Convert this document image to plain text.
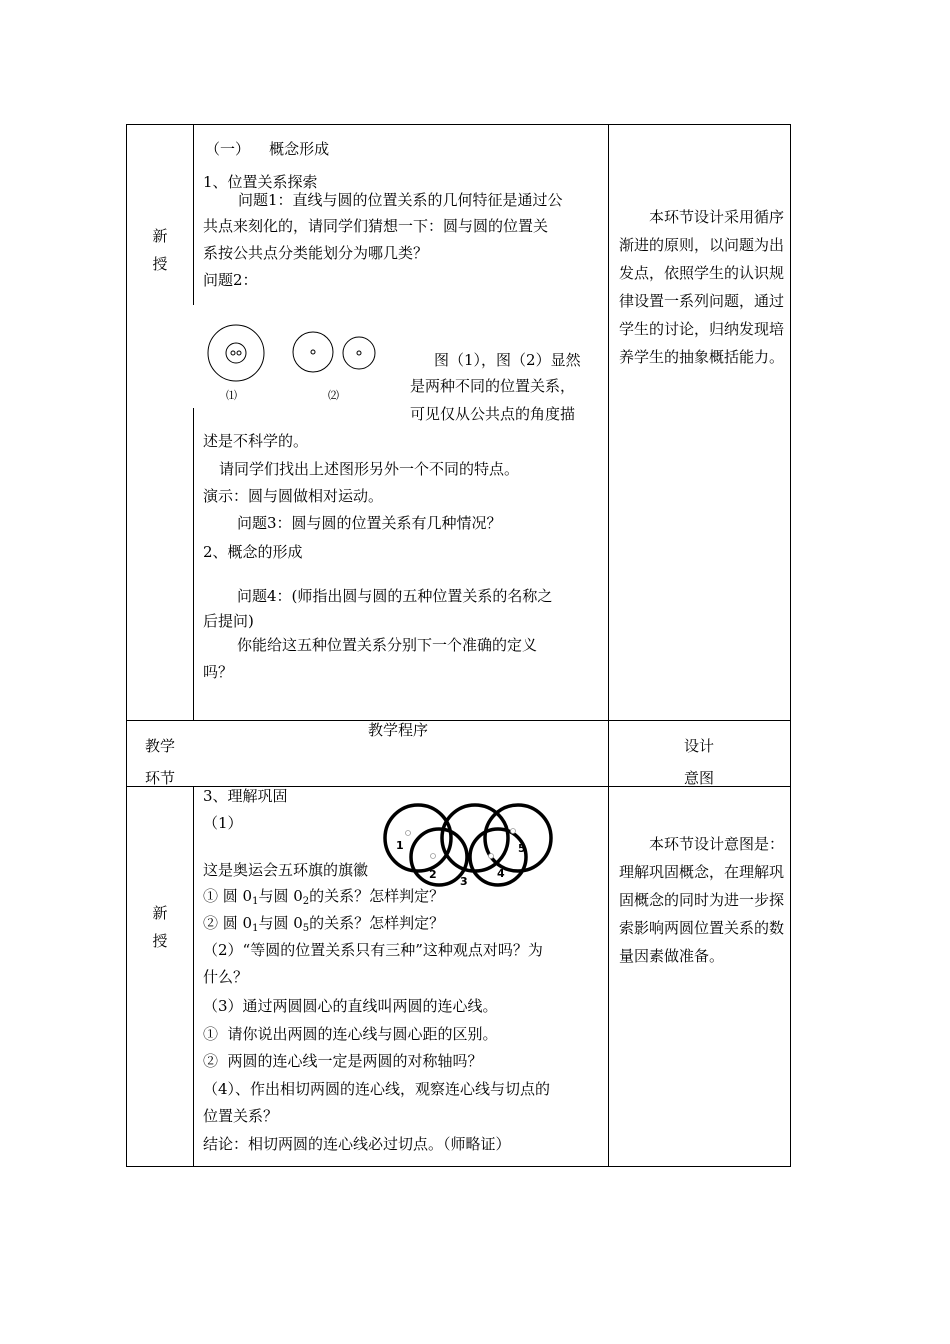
新
授
（一）    概念形成
1、位置关系探索
问题1：直线与圆的位置关系的几何特征是通过公
共点来刻化的，请同学们猜想一下：圆与圆的位置关
系按公共点分类能划分为哪几类？
问题2：
⑴	⑵
图（1），图（2）显然
是两种不同的位置关系，
可见仅从公共点的角度描
述是不科学的。
请同学们找出上述图形另外一个不同的特点。
演示：圆与圆做相对运动。
问题3：圆与圆的位置关系有几种情况？
2、概念的形成
问题4：(师指出圆与圆的五种位置关系的名称之
后提问)
你能给这五种位置关系分别下一个准确的定义
吗？
本环节设计采用循序渐进的原则，以问题为出发点，依照学生的认识规律设置一系列问题，通过学生的讨论，归纳发现培养学生的抽象概括能力。
教学
环节
教学程序
设计
意图
新
授
3、理解巩固
（1）
1
2
3
4
5
这是奥运会五环旗的旗徽
① 圆 $0_1$与圆 $0_2$的关系？怎样判定？
② 圆 $0_1$与圆 $0_5$的关系？怎样判定？
（2）“等圆的位置关系只有三种”这种观点对吗？为
什么？
（3）通过两圆圆心的直线叫两圆的连心线。
①  请你说出两圆的连心线与圆心距的区别。
②  两圆的连心线一定是两圆的对称轴吗？
（4）、作出相切两圆的连心线，观察连心线与切点的
位置关系？
结论：相切两圆的连心线必过切点。（师略证）
本环节设计意图是：理解巩固概念，在理解巩固概念的同时为进一步探索影响两圆位置关系的数量因素做准备。
